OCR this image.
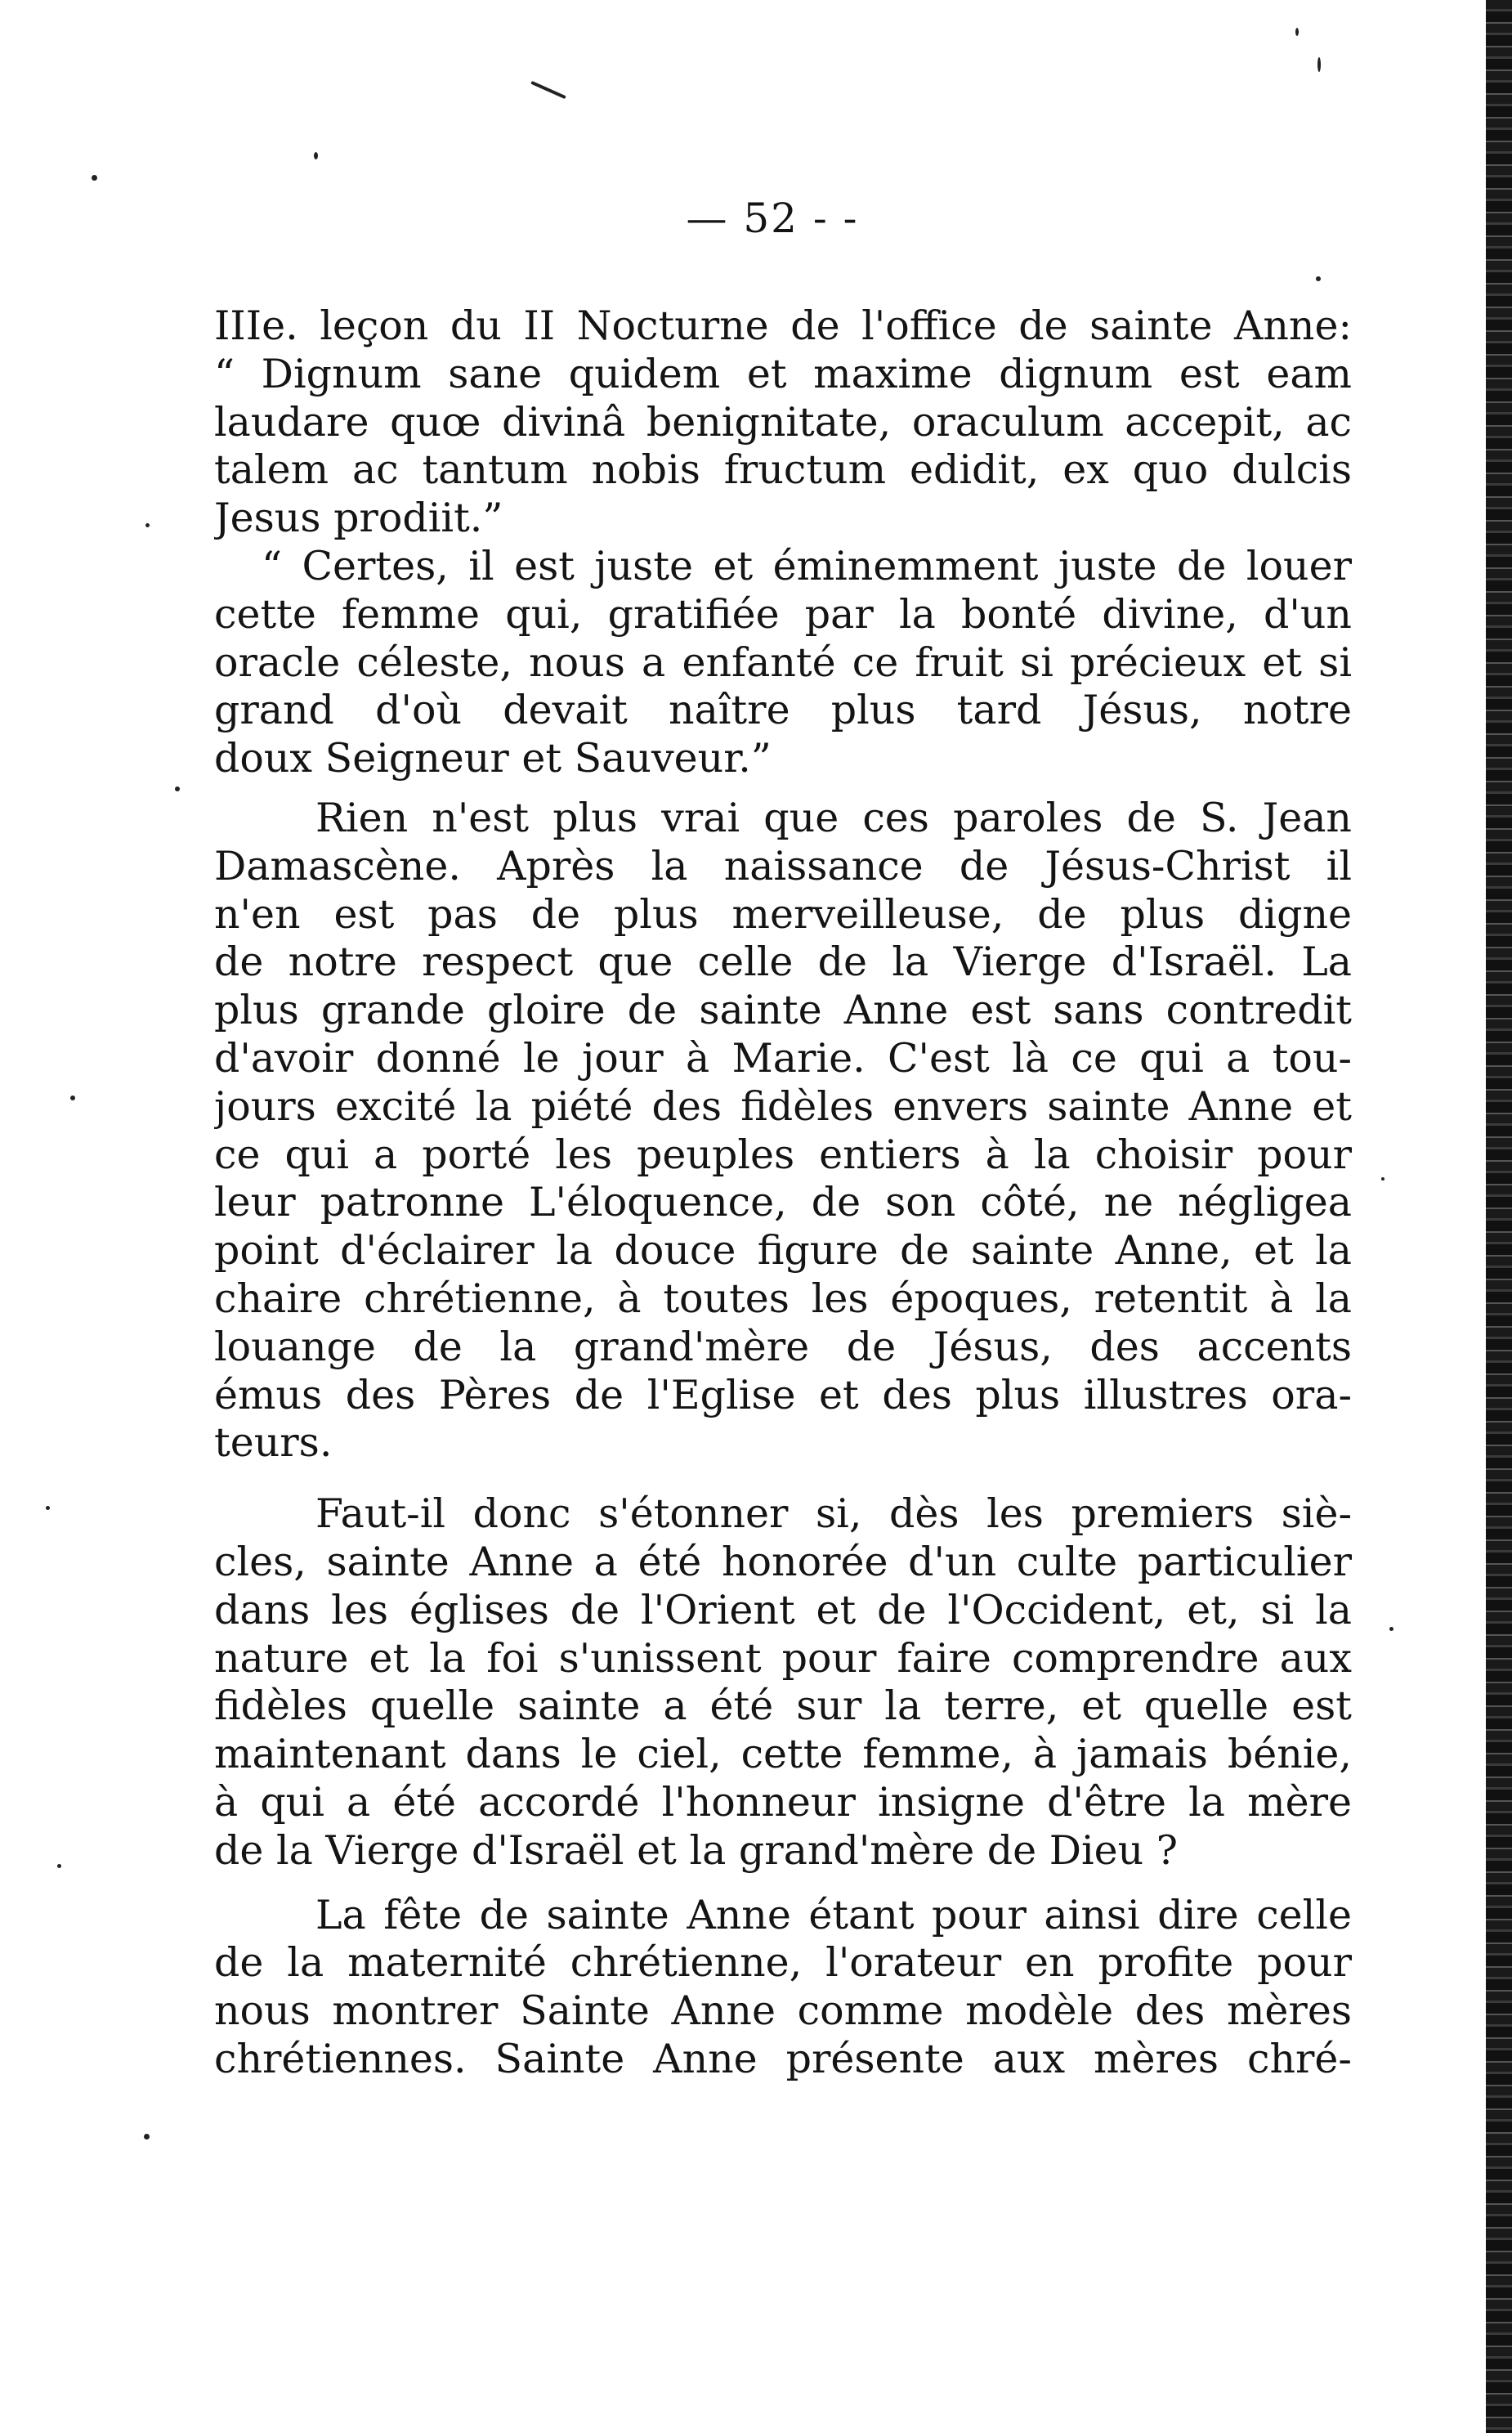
— 52 - -
IIIe. leçon du II Nocturne de l'office de sainte Anne:
“ Dignum sane quidem et maxime dignum est eam
laudare quœ divinâ benignitate, oraculum accepit, ac
talem ac tantum nobis fructum edidit, ex quo dulcis
Jesus prodiit.”
“ Certes, il est juste et éminemment juste de louer
cette femme qui, gratifiée par la bonté divine, d'un
oracle céleste, nous a enfanté ce fruit si précieux et si
grand d'où devait naître plus tard Jésus, notre
doux Seigneur et Sauveur.”
Rien n'est plus vrai que ces paroles de S. Jean
Damascène. Après la naissance de Jésus-Christ il
n'en est pas de plus merveilleuse, de plus digne
de notre respect que celle de la Vierge d'Israël. La
plus grande gloire de sainte Anne est sans contredit
d'avoir donné le jour à Marie. C'est là ce qui a tou-
jours excité la piété des fidèles envers sainte Anne et
ce qui a porté les peuples entiers à la choisir pour
leur patronne L'éloquence, de son côté, ne négligea
point d'éclairer la douce figure de sainte Anne, et la
chaire chrétienne, à toutes les époques, retentit à la
louange de la grand'mère de Jésus, des accents
émus des Pères de l'Eglise et des plus illustres ora-
teurs.
Faut-il donc s'étonner si, dès les premiers siè-
cles, sainte Anne a été honorée d'un culte particulier
dans les églises de l'Orient et de l'Occident, et, si la
nature et la foi s'unissent pour faire comprendre aux
fidèles quelle sainte a été sur la terre, et quelle est
maintenant dans le ciel, cette femme, à jamais bénie,
à qui a été accordé l'honneur insigne d'être la mère
de la Vierge d'Israël et la grand'mère de Dieu ?
La fête de sainte Anne étant pour ainsi dire celle
de la maternité chrétienne, l'orateur en profite pour
nous montrer Sainte Anne comme modèle des mères
chrétiennes. Sainte Anne présente aux mères chré-
